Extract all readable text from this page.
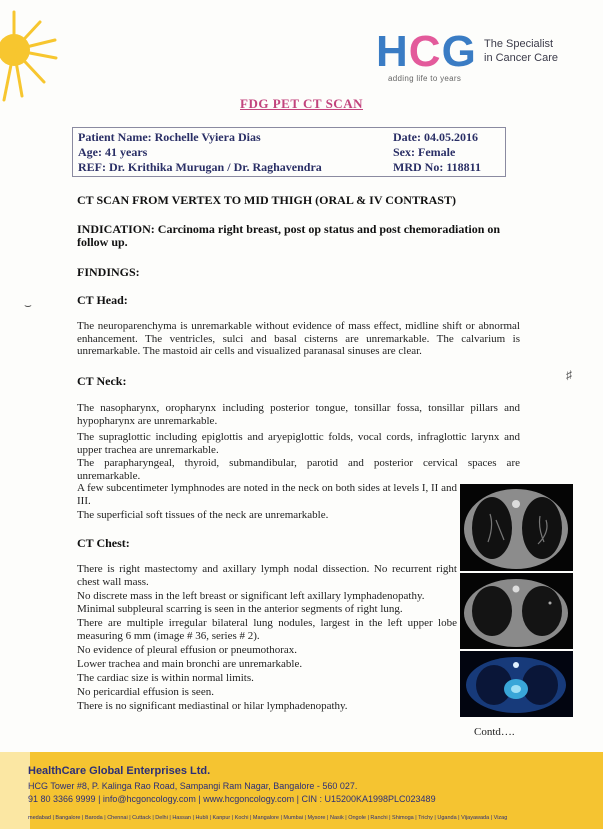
HCG The Specialist
in Cancer Care
adding life to years
FDG PET CT SCAN
Patient Name: Rochelle Vyiera Dias
Age: 41 years
REF: Dr. Krithika Murugan / Dr. Raghavendra
Date: 04.05.2016
Sex: Female
MRD No: 118811
CT SCAN FROM VERTEX TO MID THIGH (ORAL & IV CONTRAST)
INDICATION: Carcinoma right breast, post op status and post chemoradiation on follow up.
FINDINGS:
CT Head:
The neuroparenchyma is unremarkable without evidence of mass effect, midline shift or abnormal enhancement. The ventricles, sulci and basal cisterns are unremarkable. The calvarium is unremarkable. The mastoid air cells and visualized paranasal sinuses are clear.
CT Neck:
The nasopharynx, oropharynx including posterior tongue, tonsillar fossa, tonsillar pillars and hypopharynx are unremarkable.
The supraglottic including epiglottis and aryepiglottic folds, vocal cords, infraglottic larynx and upper trachea are unremarkable.
The parapharyngeal, thyroid, submandibular, parotid and posterior cervical spaces are unremarkable.
A few subcentimeter lymphnodes are noted in the neck on both sides at levels I, II and III.
The superficial soft tissues of the neck are unremarkable.
CT Chest:
There is right mastectomy and axillary lymph nodal dissection. No recurrent right chest wall mass.
No discrete mass in the left breast or significant left axillary lymphadenopathy.
Minimal subpleural scarring is seen in the anterior segments of right lung.
There are multiple irregular bilateral lung nodules, largest in the left upper lobe measuring 6 mm (image # 36, series # 2).
No evidence of pleural effusion or pneumothorax.
Lower trachea and main bronchi are unremarkable.
The cardiac size is within normal limits.
No pericardial effusion is seen.
There is no significant mediastinal or hilar lymphadenopathy.
Contd….
⌣
♯
HealthCare Global Enterprises Ltd.
HCG Tower #8, P. Kalinga Rao Road, Sampangi Ram Nagar, Bangalore - 560 027.
91 80 3366 9999 | info@hcgoncology.com | www.hcgoncology.com | CIN : U15200KA1998PLC023489
medabad | Bangalore | Baroda | Chennai | Cuttack | Delhi | Hassan | Hubli | Kanpur | Kochi | Mangalore | Mumbai | Mysore | Nasik | Ongole | Ranchi | Shimoga | Trichy | Uganda | Vijayawada | Vizag
